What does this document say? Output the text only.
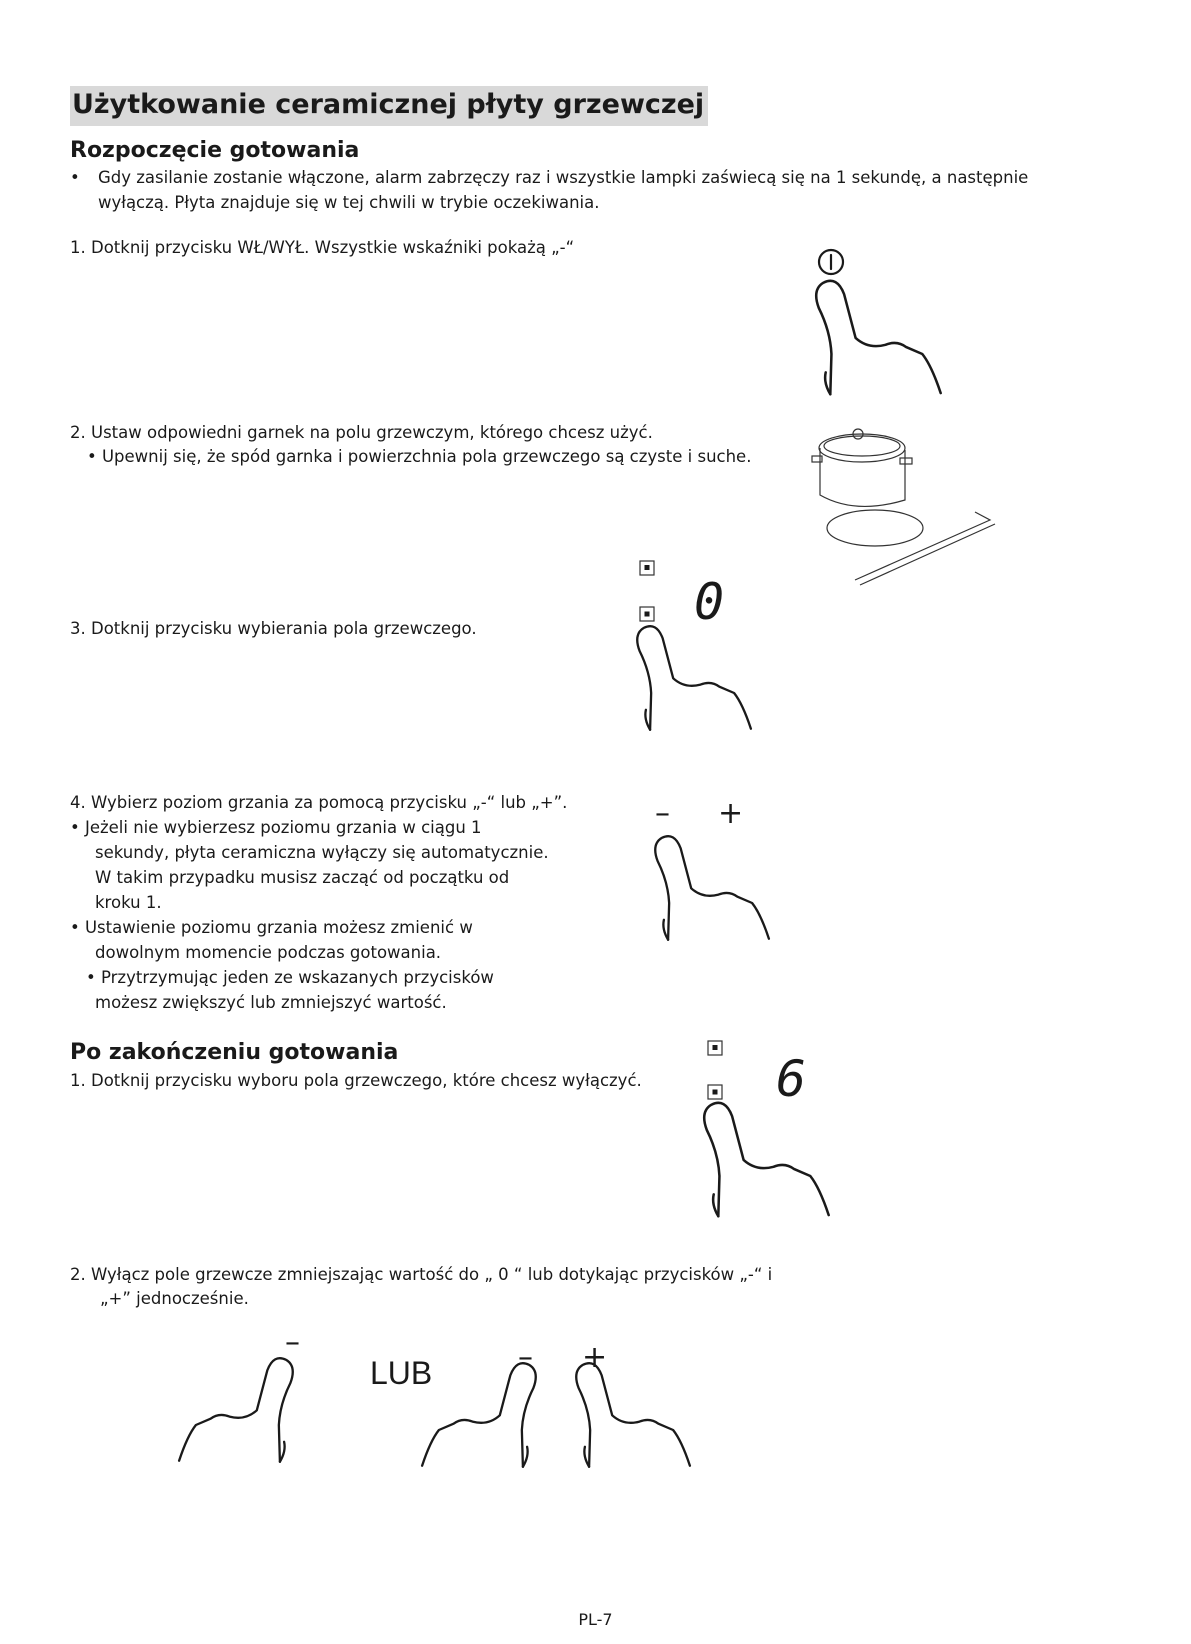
Użytkowanie ceramicznej płyty grzewczej
Rozpoczęcie gotowania
•	Gdy zasilanie zostanie włączone, alarm zabrzęczy raz i wszystkie lampki zaświecą się na 1 sekundę, a następnie
wyłączą. Płyta znajduje się w tej chwili w trybie oczekiwania.
1. Dotknij przycisku WŁ/WYŁ. Wszystkie wskaźniki pokażą „-“
2. Ustaw odpowiedni garnek na polu grzewczym, którego chcesz użyć.
• Upewnij się, że spód garnka i powierzchnia pola grzewczego są czyste i suche.
0
3. Dotknij przycisku wybierania pola grzewczego.
4. Wybierz poziom grzania za pomocą przycisku „-“ lub „+”.
• Jeżeli nie wybierzesz poziomu grzania w ciągu 1
sekundy, płyta ceramiczna wyłączy się automatycznie.
W takim przypadku musisz zacząć od początku od
kroku 1.
• Ustawienie poziomu grzania możesz zmienić w
dowolnym momencie podczas gotowania.
• Przytrzymując jeden ze wskazanych przycisków
możesz zwiększyć lub zmniejszyć wartość.
– +
Po zakończeniu gotowania
1. Dotknij przycisku wyboru pola grzewczego, które chcesz wyłączyć.	6
2. Wyłącz pole grzewcze zmniejszając wartość do „ 0 “ lub dotykając przycisków „-“ i
„+” jednocześnie.
–
LUB	– +
PL-7
